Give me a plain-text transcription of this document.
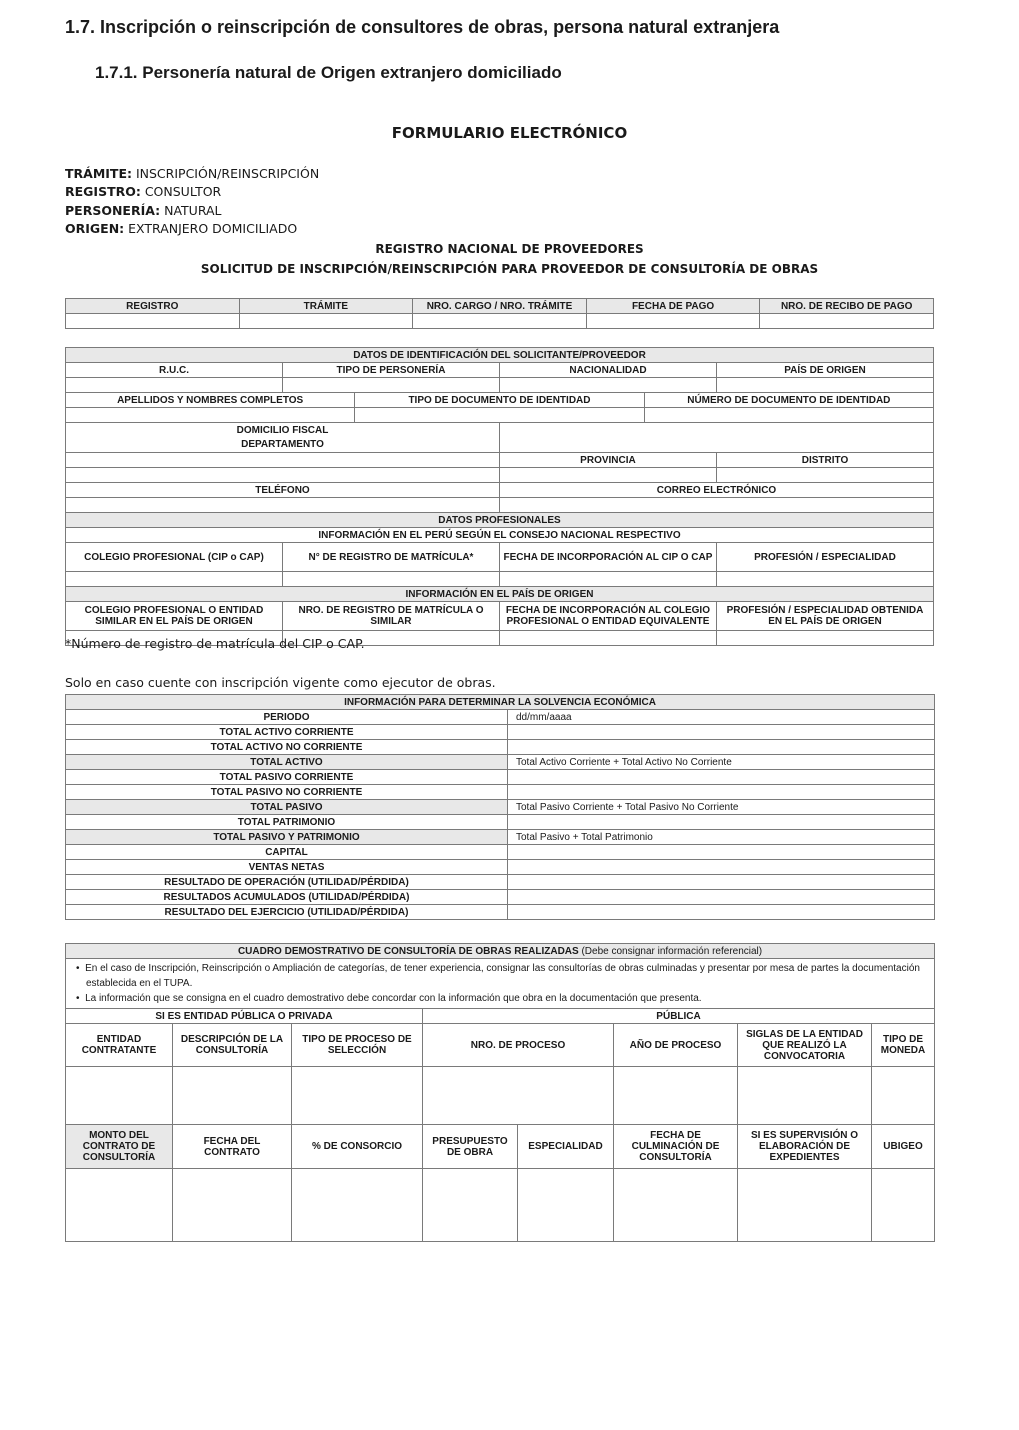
1.7. Inscripción o reinscripción de consultores de obras, persona natural extranjera
1.7.1. Personería natural de Origen extranjero domiciliado
FORMULARIO ELECTRÓNICO
TRÁMITE: INSCRIPCIÓN/REINSCRIPCIÓN
REGISTRO: CONSULTOR
PERSONERÍA: NATURAL
ORIGEN: EXTRANJERO DOMICILIADO
REGISTRO NACIONAL DE PROVEEDORES
SOLICITUD DE INSCRIPCIÓN/REINSCRIPCIÓN PARA PROVEEDOR DE CONSULTORÍA DE OBRAS
REGISTRO	TRÁMITE	NRO. CARGO / NRO. TRÁMITE	FECHA DE PAGO	NRO. DE RECIBO DE PAGO

DATOS DE IDENTIFICACIÓN DEL SOLICITANTE/PROVEEDOR					
R.U.C.	TIPO DE PERSONERÍA		NACIONALIDAD		PAÍS DE ORIGEN

APELLIDOS Y NOMBRES COMPLETOS		TIPO DE DOCUMENTO DE IDENTIDAD		NÚMERO DE DOCUMENTO DE IDENTIDAD	

DOMICILIO FISCAL					
DEPARTAMENTO					
			PROVINCIA		DISTRITO

TELÉFONO			CORREO ELECTRÓNICO		

DATOS PROFESIONALES					
INFORMACIÓN EN EL PERÚ SEGÚN EL CONSEJO NACIONAL RESPECTIVO					
COLEGIO PROFESIONAL (CIP o CAP)	N° DE REGISTRO DE MATRÍCULA*		FECHA DE INCORPORACIÓN AL CIP O CAP		PROFESIÓN / ESPECIALIDAD

INFORMACIÓN EN EL PAÍS DE ORIGEN					
COLEGIO PROFESIONAL O ENTIDAD SIMILAR EN EL PAÍS DE ORIGEN	NRO. DE REGISTRO DE MATRÍCULA O SIMILAR		FECHA DE INCORPORACIÓN AL COLEGIO PROFESIONAL O ENTIDAD EQUIVALENTE		PROFESIÓN / ESPECIALIDAD OBTENIDA EN EL PAÍS DE ORIGEN

*Número de registro de matrícula del CIP o CAP.
Solo en caso cuente con inscripción vigente como ejecutor de obras.
INFORMACIÓN PARA DETERMINAR LA SOLVENCIA ECONÓMICA	
PERIODO	dd/mm/aaaa
TOTAL ACTIVO CORRIENTE	
TOTAL ACTIVO NO CORRIENTE	
TOTAL ACTIVO	Total Activo Corriente + Total Activo No Corriente
TOTAL PASIVO CORRIENTE	
TOTAL PASIVO NO CORRIENTE	
TOTAL PASIVO	Total Pasivo Corriente + Total Pasivo No Corriente
TOTAL PATRIMONIO	
TOTAL PASIVO Y PATRIMONIO	Total Pasivo + Total Patrimonio
CAPITAL	
VENTAS NETAS	
RESULTADO DE OPERACIÓN (UTILIDAD/PÉRDIDA)	
RESULTADOS ACUMULADOS (UTILIDAD/PÉRDIDA)	
RESULTADO DEL EJERCICIO (UTILIDAD/PÉRDIDA)	
CUADRO DEMOSTRATIVO DE CONSULTORÍA DE OBRAS REALIZADAS (Debe consignar información referencial)							

•  En el caso de Inscripción, Reinscripción o Ampliación de categorías, de tener experiencia, consignar las consultorías de obras culminadas y presentar por mesa de partes la documentación establecida en el TUPA.
•  La información que se consigna en el cuadro demostrativo debe concordar con la información que obra en la documentación que presenta.							

SI ES ENTIDAD PÚBLICA O PRIVADA			PÚBLICA				
ENTIDAD CONTRATANTE	DESCRIPCIÓN DE LA CONSULTORÍA	TIPO DE PROCESO DE SELECCIÓN	NRO. DE PROCESO		AÑO DE PROCESO	SIGLAS DE LA ENTIDAD QUE REALIZÓ LA CONVOCATORIA	TIPO DE MONEDA

MONTO DEL CONTRATO DE CONSULTORÍA	FECHA DEL CONTRATO	% DE CONSORCIO	PRESUPUESTO DE OBRA	ESPECIALIDAD	FECHA DE CULMINACIÓN DE CONSULTORÍA	SI ES SUPERVISIÓN O ELABORACIÓN DE EXPEDIENTES	UBIGEO
